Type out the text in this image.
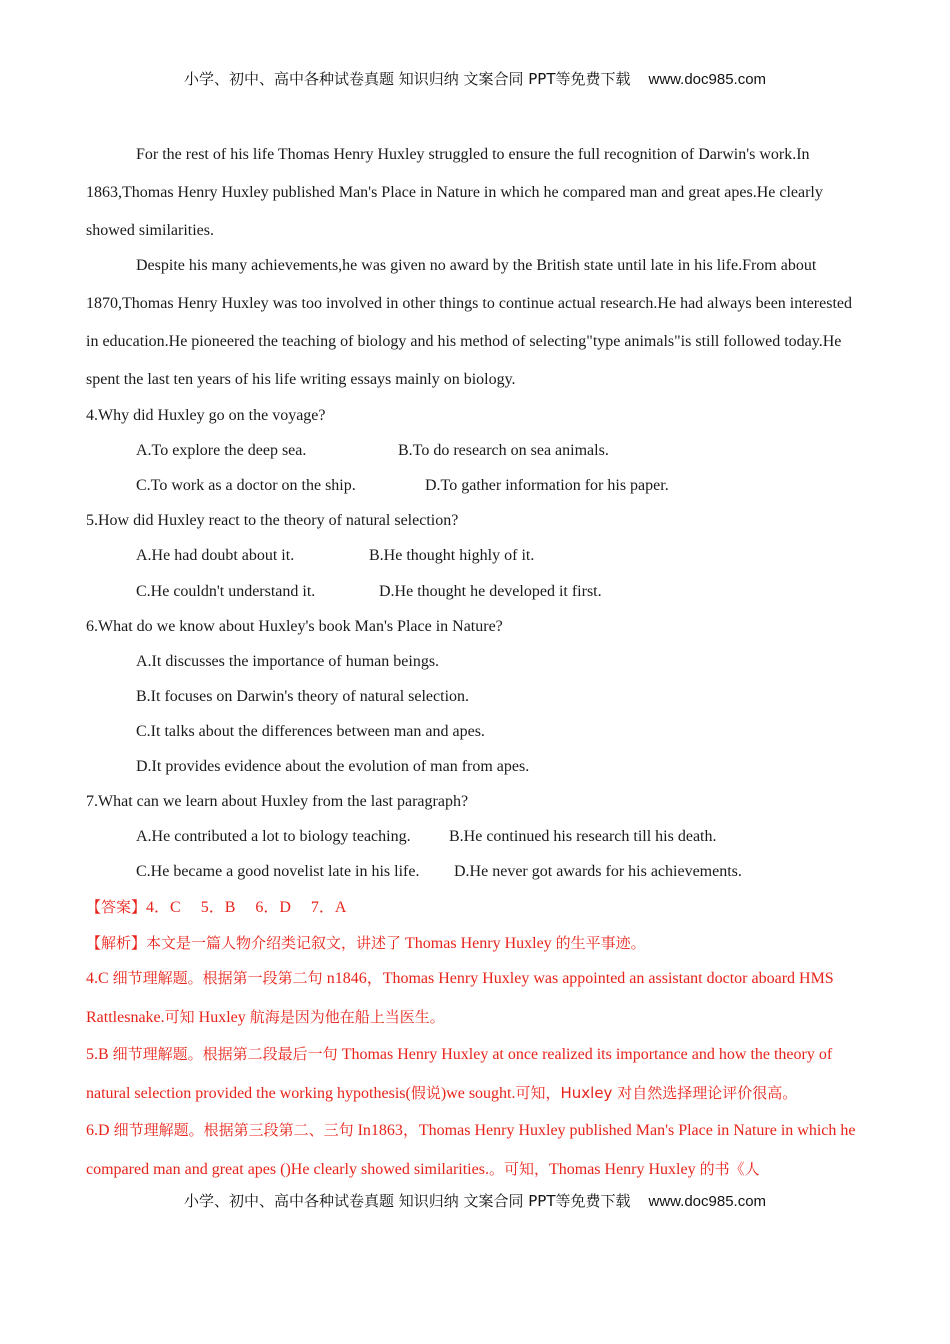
小学、初中、高中各种试卷真题 知识归纳 文案合同 PPT等免费下载 www.doc985.com

For the rest of his life Thomas Henry Huxley struggled to ensure the full recognition of Darwin's work.In 1863,Thomas Henry Huxley published Man's Place in Nature in which he compared man and great apes.He clearly showed similarities.

Despite his many achievements,he was given no award by the British state until late in his life.From about 1870,Thomas Henry Huxley was too involved in other things to continue actual research.He had always been interested in education.He pioneered the teaching of biology and his method of selecting"type animals"is still followed today.He spent the last ten years of his life writing essays mainly on biology.

4.Why did Huxley go on the voyage?

A.To explore the deep sea.	B.To do research on sea animals.

C.To work as a doctor on the ship.	D.To gather information for his paper.

5.How did Huxley react to the theory of natural selection?

A.He had doubt about it.	B.He thought highly of it.

C.He couldn't understand it.	D.He thought he developed it first.

6.What do we know about Huxley's book Man's Place in Nature?

A.It discusses the importance of human beings.

B.It focuses on Darwin's theory of natural selection.

C.It talks about the differences between man and apes.

D.It provides evidence about the evolution of man from apes.

7.What can we learn about Huxley from the last paragraph?

A.He contributed a lot to biology teaching. B.He continued his research till his death.

C.He became a good novelist late in his life. D.He never got awards for his achievements.

【答案】4．C　 5．B　 6．D　 7．A

【解析】本文是一篇人物介绍类记叙文，讲述了 Thomas Henry Huxley 的生平事迹。

4.C 细节理解题。根据第一段第二句 n1846，Thomas Henry Huxley was appointed an assistant doctor aboard HMS Rattlesnake.可知 Huxley 航海是因为他在船上当医生。

5.B 细节理解题。根据第二段最后一句 Thomas Henry Huxley at once realized its importance and how the theory of natural selection provided the working hypothesis(假说)we sought.可知，Huxley 对自然选择理论评价很高。

6.D 细节理解题。根据第三段第二、三句 In1863，Thomas Henry Huxley published Man's Place in Nature in which he compared man and great apes ()He clearly showed similarities.。可知，Thomas Henry Huxley 的书《人

小学、初中、高中各种试卷真题 知识归纳 文案合同 PPT等免费下载 www.doc985.com
